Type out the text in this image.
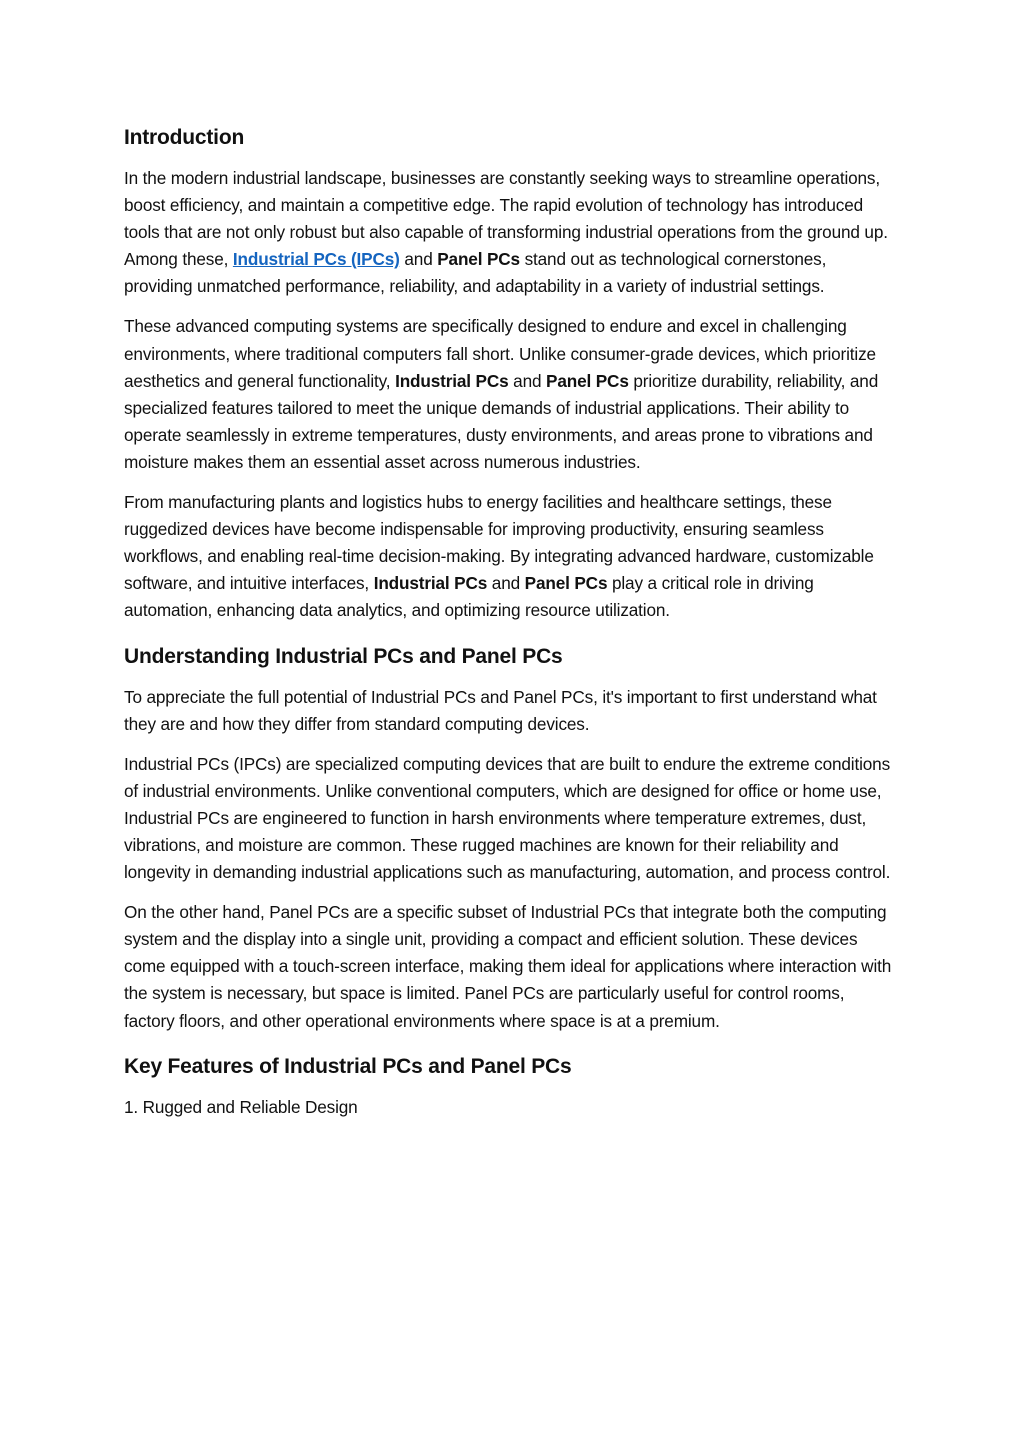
Introduction

In the modern industrial landscape, businesses are constantly seeking ways to streamline operations, boost efficiency, and maintain a competitive edge. The rapid evolution of technology has introduced tools that are not only robust but also capable of transforming industrial operations from the ground up. Among these, Industrial PCs (IPCs) and Panel PCs stand out as technological cornerstones, providing unmatched performance, reliability, and adaptability in a variety of industrial settings.

These advanced computing systems are specifically designed to endure and excel in challenging environments, where traditional computers fall short. Unlike consumer-grade devices, which prioritize aesthetics and general functionality, Industrial PCs and Panel PCs prioritize durability, reliability, and specialized features tailored to meet the unique demands of industrial applications. Their ability to operate seamlessly in extreme temperatures, dusty environments, and areas prone to vibrations and moisture makes them an essential asset across numerous industries.

From manufacturing plants and logistics hubs to energy facilities and healthcare settings, these ruggedized devices have become indispensable for improving productivity, ensuring seamless workflows, and enabling real-time decision-making. By integrating advanced hardware, customizable software, and intuitive interfaces, Industrial PCs and Panel PCs play a critical role in driving automation, enhancing data analytics, and optimizing resource utilization.

Understanding Industrial PCs and Panel PCs

To appreciate the full potential of Industrial PCs and Panel PCs, it's important to first understand what they are and how they differ from standard computing devices.

Industrial PCs (IPCs) are specialized computing devices that are built to endure the extreme conditions of industrial environments. Unlike conventional computers, which are designed for office or home use, Industrial PCs are engineered to function in harsh environments where temperature extremes, dust, vibrations, and moisture are common. These rugged machines are known for their reliability and longevity in demanding industrial applications such as manufacturing, automation, and process control.

On the other hand, Panel PCs are a specific subset of Industrial PCs that integrate both the computing system and the display into a single unit, providing a compact and efficient solution. These devices come equipped with a touch-screen interface, making them ideal for applications where interaction with the system is necessary, but space is limited. Panel PCs are particularly useful for control rooms, factory floors, and other operational environments where space is at a premium.

Key Features of Industrial PCs and Panel PCs

1. Rugged and Reliable Design
